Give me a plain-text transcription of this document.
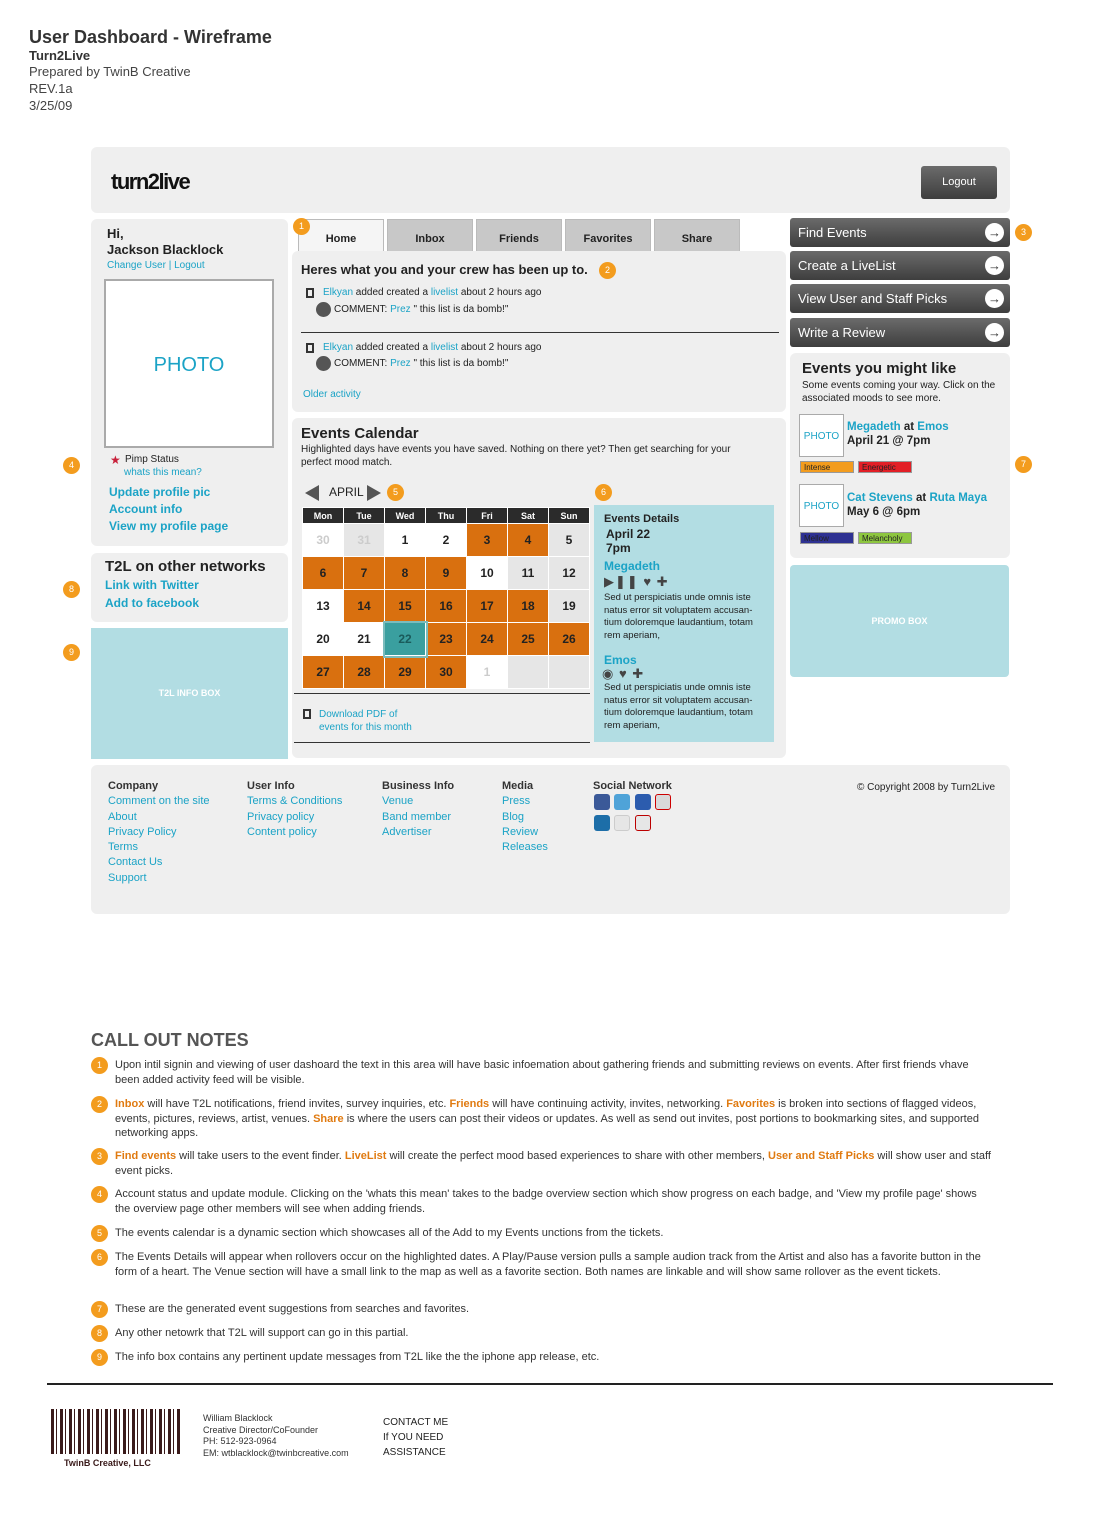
User Dashboard - Wireframe
Turn2Live
Prepared by TwinB Creative
REV.1a
3/25/09
turn2live	Logout
Hi,
Jackson Blacklock
Change User | Logout
PHOTO
★ Pimp Status
whats this mean?
Update profile pic
Account info
View my profile page
T2L on other networks
Link with Twitter
Add to facebook
T2L INFO BOX
Home	Inbox	Friends	Favorites	Share
Heres what you and your crew has been up to.
Elkyan added created a livelist about 2 hours ago
COMMENT: Prez " this list is da bomb!"
Elkyan added created a livelist about 2 hours ago
COMMENT: Prez " this list is da bomb!"
Older activity
Events Calendar
Highlighted days have events you have saved. Nothing on there yet? Then get searching for your perfect mood match.
APRIL
Download PDF of events for this month
Mon	Tue	Wed	Thu	Fri	Sat	Sun
30	31	1	2	3	4	5
6	7	8	9	10	11	12
13	14	15	16	17	18	19
20	21	22	23	24	25	26
27	28	29	30	1		
Events Details
April 22
7pm
Megadeth
▶❚❚ ♥ ✚
Sed ut perspiciatis unde omnis iste natus error sit voluptatem accusan-tium doloremque laudantium, totam rem aperiam,
Emos
◉ ♥ ✚
Sed ut perspiciatis unde omnis iste natus error sit voluptatem accusan-tium doloremque laudantium, totam rem aperiam,
Find Events	→
Create a LiveList	→
View User and Staff Picks	→
Write a Review	→
Events you might like
Some events coming your way. Click on the associated moods to see more.
PHOTO
Megadeth at Emos
April 21 @ 7pm
Intense	Energetic
PHOTO
Cat Stevens at Ruta Maya
May 6 @ 6pm
Mellow	Melancholy
PROMO BOX
Company
Comment on the site
About
Privacy Policy
Terms
Contact Us
Support
User Info
Terms & Conditions
Privacy policy
Content policy
Business Info
Venue
Band member
Advertiser
Media
Press
Blog
Review
Releases
Social Network	© Copyright 2008 by Turn2Live
CALL OUT NOTES
1	Upon intil signin and viewing of user dashoard the text in this area will have basic infoemation about gathering friends and submitting reviews on events. After first friends vhave been added activity feed will be visible.
2	Inbox will have T2L notifications, friend invites, survey inquiries, etc. Friends will have continuing activity, invites, networking. Favorites is broken into sections of flagged videos, events, pictures, reviews, artist, venues. Share is where the users can post their videos or updates. As well as send out invites, post portions to bookmarking sites, and supported networking apps.
3	Find events will take users to the event finder. LiveList will create the perfect mood based experiences to share with other members, User and Staff Picks will show user and staff event picks.
4	Account status and update module. Clicking on the 'whats this mean' takes to the badge overview section which show progress on each badge, and 'View my profile page' shows the overview page other members will see when adding friends.
5	The events calendar is a dynamic section which showcases all of the Add to my Events unctions from the tickets.
6	The Events Details will appear when rollovers occur on the highlighted dates. A Play/Pause version pulls a sample audion track from the Artist and also has a favorite button in the form of a heart. The Venue section will have a small link to the map as well as a favorite section. Both names are linkable and will show same rollover as the event tickets.
7	These are the generated event suggestions from searches and favorites.
8	Any other netowrk that T2L will support can go in this partial.
9	The info box contains any pertinent update messages from T2L like the the iphone app release, etc.
1
2
3
4
5	6
7
8
9
TwinB Creative, LLC
William Blacklock
Creative Director/CoFounder
PH: 512-923-0964
EM: wtblacklock@twinbcreative.com
CONTACT ME
If YOU NEED
ASSISTANCE
